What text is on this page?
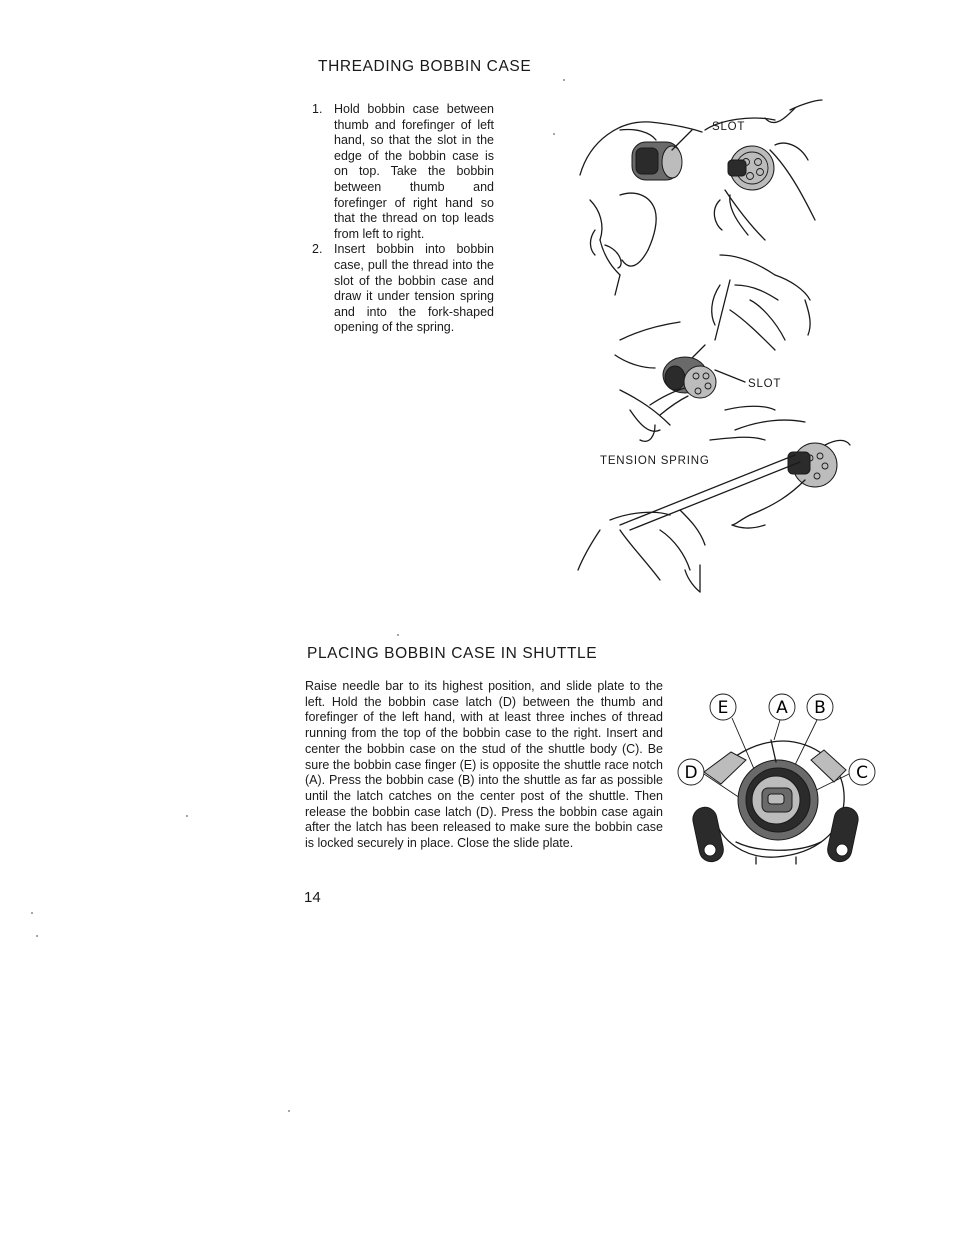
THREADING BOBBIN CASE
1. Hold bobbin case between thumb and forefinger of left hand, so that the slot in the edge of the bobbin case is on top. Take the bobbin between thumb and forefinger of right hand so that the thread on top leads from left to right.
2. Insert bobbin into bobbin case, pull the thread into the slot of the bobbin case and draw it under tension spring and into the fork-shaped opening of the spring.
SLOT
SLOT
TENSION SPRING
PLACING BOBBIN CASE IN SHUTTLE
Raise needle bar to its highest position, and slide plate to the left. Hold the bobbin case latch (D) between the thumb and forefinger of the left hand, with at least three inches of thread running from the top of the bobbin case to the right. Insert and center the bobbin case on the stud of the shuttle body (C). Be sure the bobbin case finger (E) is opposite the shuttle race notch (A). Press the bobbin case (B) into the shuttle as far as possible until the latch catches on the center post of the shuttle. Then release the bobbin case latch (D). Press the bobbin case again after the latch has been released to make sure the bobbin case is locked securely in place. Close the slide plate.
E	A B
D	C
14
